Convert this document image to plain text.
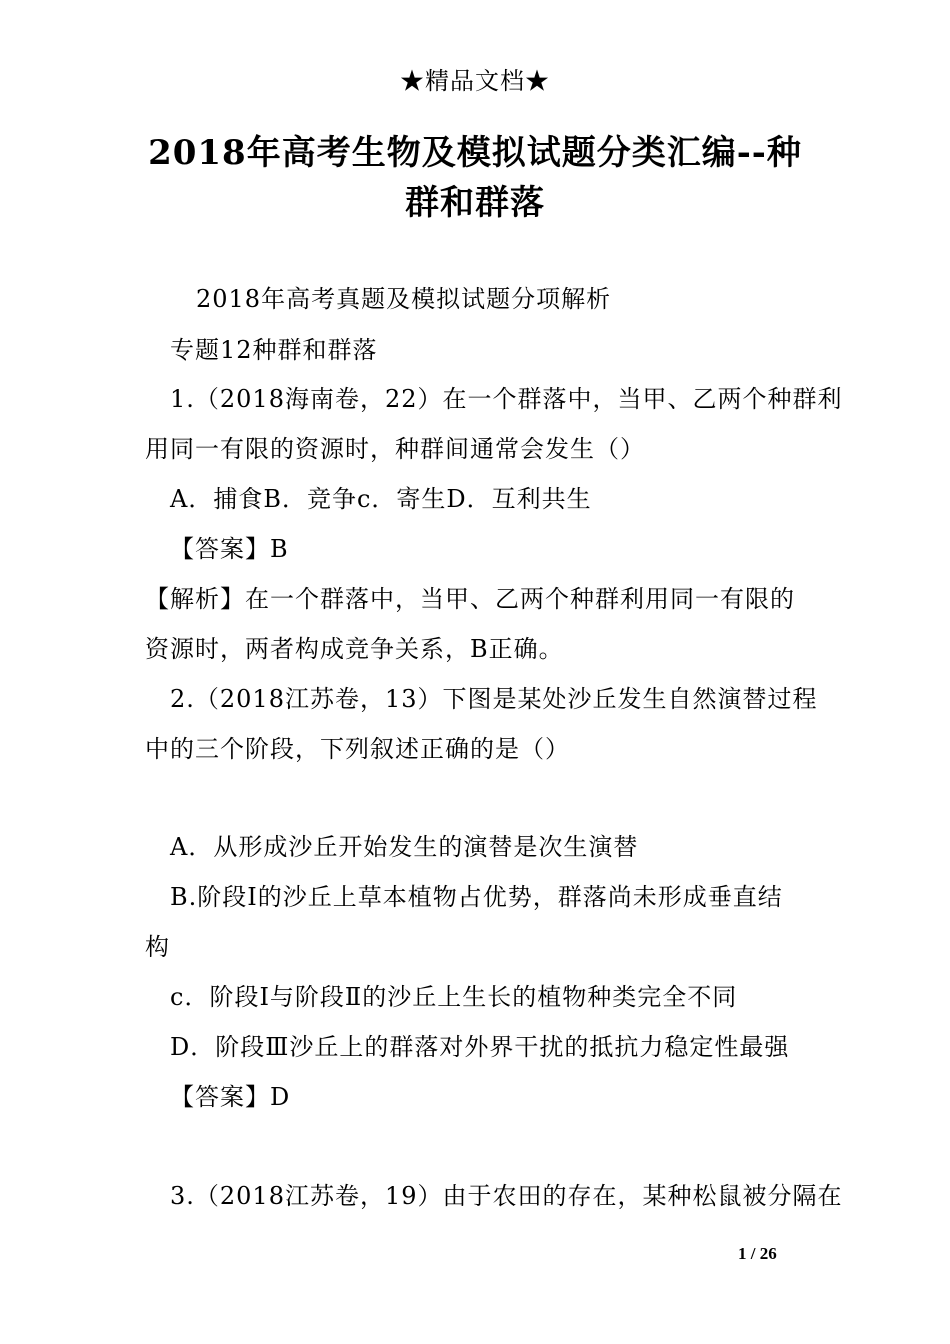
★精品文档★
2018年高考生物及模拟试题分类汇编--种
群和群落
2018年高考真题及模拟试题分项解析
专题12种群和群落
1.（2018海南卷，22）在一个群落中，当甲、乙两个种群利
用同一有限的资源时，种群间通常会发生（）
A．捕食B．竞争c．寄生D．互利共生
【答案】B
【解析】在一个群落中，当甲、乙两个种群利用同一有限的
资源时，两者构成竞争关系，B正确。
2.（2018江苏卷，13）下图是某处沙丘发生自然演替过程
中的三个阶段，下列叙述正确的是（）
A．从形成沙丘开始发生的演替是次生演替
B.阶段Ⅰ的沙丘上草本植物占优势，群落尚未形成垂直结
构
c．阶段Ⅰ与阶段Ⅱ的沙丘上生长的植物种类完全不同
D．阶段Ⅲ沙丘上的群落对外界干扰的抵抗力稳定性最强
【答案】D
3.（2018江苏卷，19）由于农田的存在，某种松鼠被分隔在
1 / 26
